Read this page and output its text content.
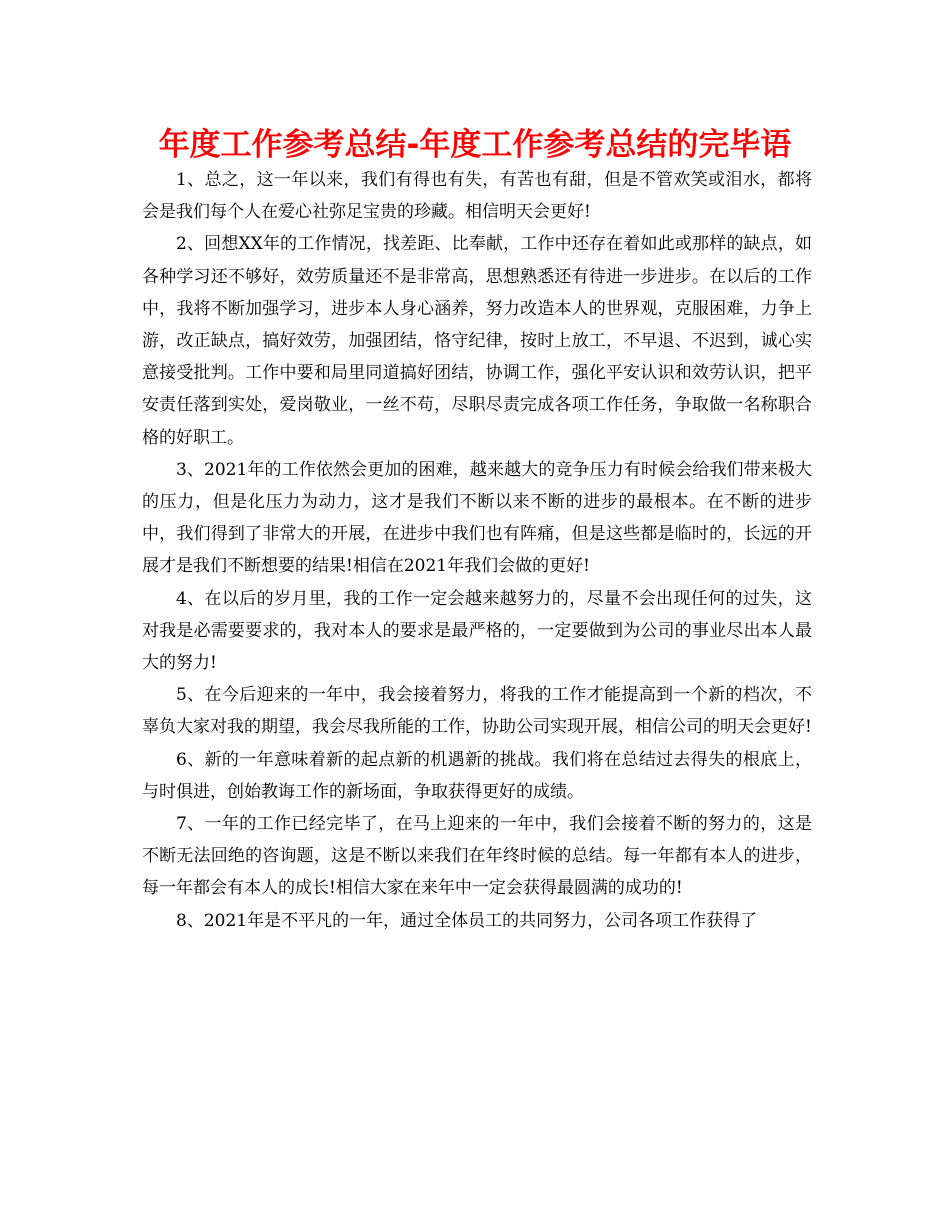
年度工作参考总结-年度工作参考总结的完毕语

1、总之，这一年以来，我们有得也有失，有苦也有甜，但是不管欢笑或泪水，都将会是我们每个人在爱心社弥足宝贵的珍藏。相信明天会更好!

2、回想XX年的工作情况，找差距、比奉献，工作中还存在着如此或那样的缺点，如各种学习还不够好，效劳质量还不是非常高，思想熟悉还有待进一步进步。在以后的工作中，我将不断加强学习，进步本人身心涵养，努力改造本人的世界观，克服困难，力争上游，改正缺点，搞好效劳，加强团结，恪守纪律，按时上放工，不早退、不迟到，诚心实意接受批判。工作中要和局里同道搞好团结，协调工作，强化平安认识和效劳认识，把平安责任落到实处，爱岗敬业，一丝不苟，尽职尽责完成各项工作任务，争取做一名称职合格的好职工。

3、2021年的工作依然会更加的困难，越来越大的竞争压力有时候会给我们带来极大的压力，但是化压力为动力，这才是我们不断以来不断的进步的最根本。在不断的进步中，我们得到了非常大的开展，在进步中我们也有阵痛，但是这些都是临时的，长远的开展才是我们不断想要的结果!相信在2021年我们会做的更好!

4、在以后的岁月里，我的工作一定会越来越努力的，尽量不会出现任何的过失，这对我是必需要要求的，我对本人的要求是最严格的，一定要做到为公司的事业尽出本人最大的努力!

5、在今后迎来的一年中，我会接着努力，将我的工作才能提高到一个新的档次，不辜负大家对我的期望，我会尽我所能的工作，协助公司实现开展，相信公司的明天会更好!

6、新的一年意味着新的起点新的机遇新的挑战。我们将在总结过去得失的根底上，与时俱进，创始教诲工作的新场面，争取获得更好的成绩。

7、一年的工作已经完毕了，在马上迎来的一年中，我们会接着不断的努力的，这是不断无法回绝的咨询题，这是不断以来我们在年终时候的总结。每一年都有本人的进步，每一年都会有本人的成长!相信大家在来年中一定会获得最圆满的成功的!

8、2021年是不平凡的一年，通过全体员工的共同努力，公司各项工作获得了
